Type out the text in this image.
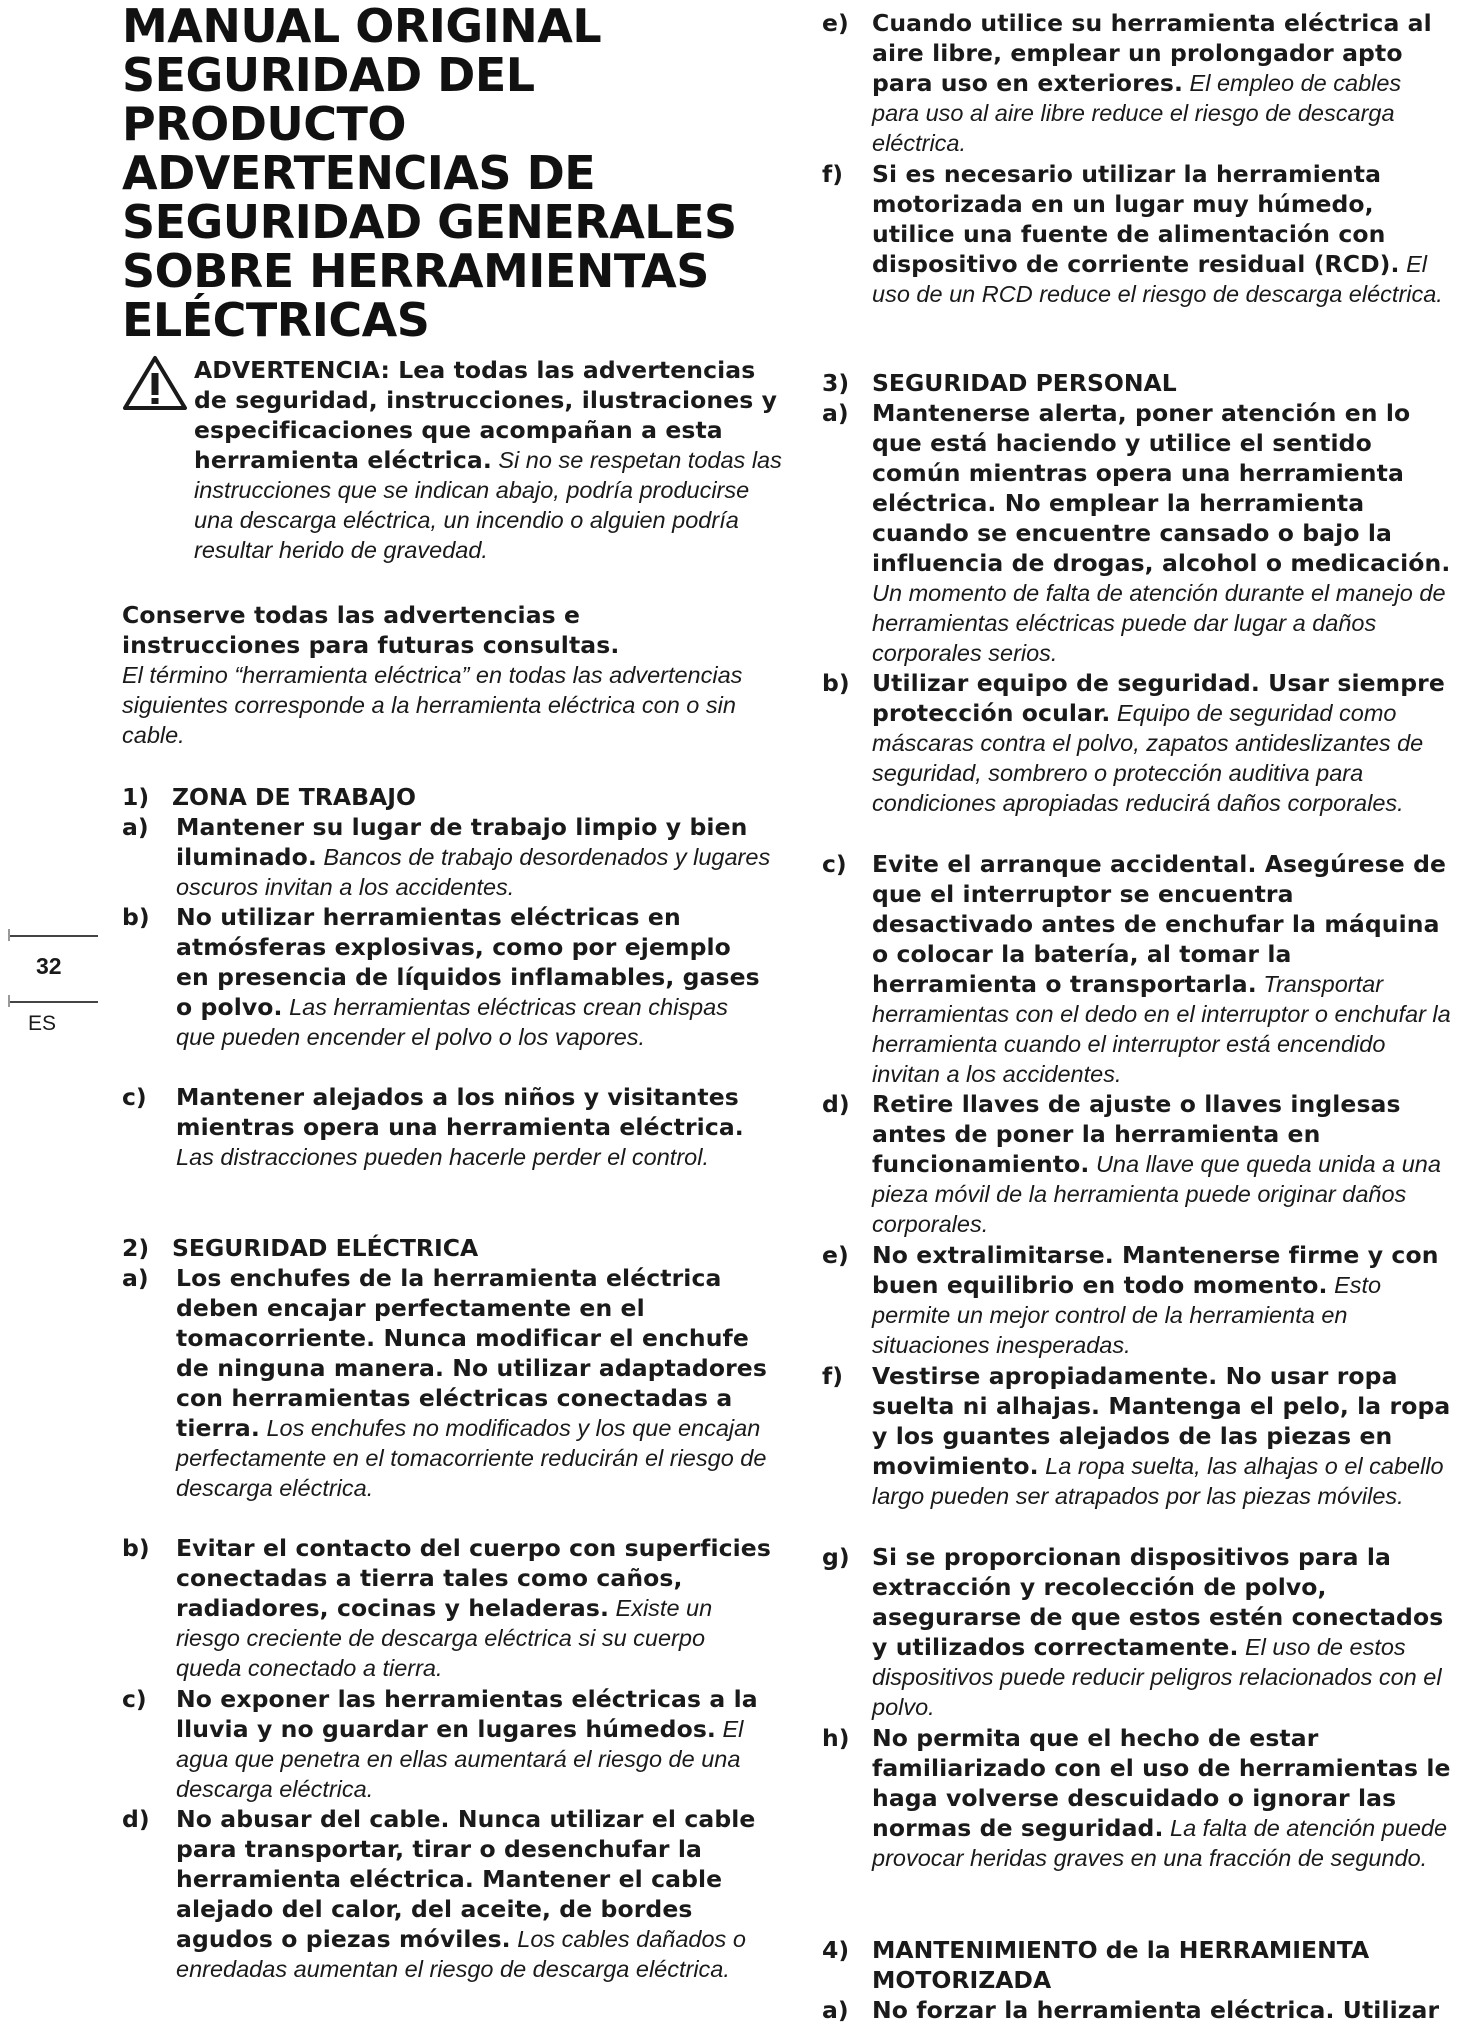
MANUAL ORIGINAL
SEGURIDAD DEL
PRODUCTO
ADVERTENCIAS DE
SEGURIDAD GENERALES
SOBRE HERRAMIENTAS
ELÉCTRICAS

ADVERTENCIA: Lea todas las advertencias de seguridad, instrucciones, ilustraciones y especificaciones que acompañan a esta herramienta eléctrica. Si no se respetan todas las instrucciones que se indican abajo, podría producirse una descarga eléctrica, un incendio o alguien podría resultar herido de gravedad.

Conserve todas las advertencias e instrucciones para futuras consultas.
El término “herramienta eléctrica” en todas las advertencias siguientes corresponde a la herramienta eléctrica con o sin cable.
1) ZONA DE TRABAJO
a)	Mantener su lugar de trabajo limpio y bien iluminado. Bancos de trabajo desordenados y lugares oscuros invitan a los accidentes.
b)	No utilizar herramientas eléctricas en atmósferas explosivas, como por ejemplo en presencia de líquidos inflamables, gases o polvo. Las herramientas eléctricas crean chispas que pueden encender el polvo o los vapores.
c)	Mantener alejados a los niños y visitantes mientras opera una herramienta eléctrica. Las distracciones pueden hacerle perder el control.
2) SEGURIDAD ELÉCTRICA
a)	Los enchufes de la herramienta eléctrica deben encajar perfectamente en el tomacorriente. Nunca modificar el enchufe de ninguna manera. No utilizar adaptadores con herramientas eléctricas conectadas a tierra. Los enchufes no modificados y los que encajan perfectamente en el tomacorriente reducirán el riesgo de descarga eléctrica.
b)	Evitar el contacto del cuerpo con superficies conectadas a tierra tales como caños, radiadores, cocinas y heladeras. Existe un riesgo creciente de descarga eléctrica si su cuerpo queda conectado a tierra.
c)	No exponer las herramientas eléctricas a la lluvia y no guardar en lugares húmedos. El agua que penetra en ellas aumentará el riesgo de una descarga eléctrica.
d)	No abusar del cable. Nunca utilizar el cable para transportar, tirar o desenchufar la herramienta eléctrica. Mantener el cable alejado del calor, del aceite, de bordes agudos o piezas móviles. Los cables dañados o enredadas aumentan el riesgo de descarga eléctrica.
e) Cuando utilice su herramienta eléctrica al aire libre, emplear un prolongador apto para uso en exteriores. El empleo de cables para uso al aire libre reduce el riesgo de descarga eléctrica.
f)	Si es necesario utilizar la herramienta motorizada en un lugar muy húmedo, utilice una fuente de alimentación con dispositivo de corriente residual (RCD). El uso de un RCD reduce el riesgo de descarga eléctrica.
3) SEGURIDAD PERSONAL
a) Mantenerse alerta, poner atención en lo que está haciendo y utilice el sentido común mientras opera una herramienta eléctrica. No emplear la herramienta cuando se encuentre cansado o bajo la influencia de drogas, alcohol o medicación. Un momento de falta de atención durante el manejo de herramientas eléctricas puede dar lugar a daños corporales serios.
b) Utilizar equipo de seguridad. Usar siempre protección ocular. Equipo de seguridad como máscaras contra el polvo, zapatos antideslizantes de seguridad, sombrero o protección auditiva para condiciones apropiadas reducirá daños corporales.
c)	Evite el arranque accidental. Asegúrese de que el interruptor se encuentra desactivado antes de enchufar la máquina o colocar la batería, al tomar la herramienta o transportarla. Transportar herramientas con el dedo en el interruptor o enchufar la herramienta cuando el interruptor está encendido invitan a los accidentes.
d) Retire llaves de ajuste o llaves inglesas antes de poner la herramienta en funcionamiento. Una llave que queda unida a una pieza móvil de la herramienta puede originar daños corporales.
e) No extralimitarse. Mantenerse firme y con buen equilibrio en todo momento. Esto permite un mejor control de la herramienta en situaciones inesperadas.
f)	Vestirse apropiadamente. No usar ropa suelta ni alhajas. Mantenga el pelo, la ropa y los guantes alejados de las piezas en movimiento. La ropa suelta, las alhajas o el cabello largo pueden ser atrapados por las piezas móviles.
g) Si se proporcionan dispositivos para la extracción y recolección de polvo, asegurarse de que estos estén conectados y utilizados correctamente. El uso de estos dispositivos puede reducir peligros relacionados con el polvo.
h) No permita que el hecho de estar familiarizado con el uso de herramientas le haga volverse descuidado o ignorar las normas de seguridad. La falta de atención puede provocar heridas graves en una fracción de segundo.
4) MANTENIMIENTO de la HERRAMIENTA MOTORIZADA
a) No forzar la herramienta eléctrica. Utilizar
32
ES
